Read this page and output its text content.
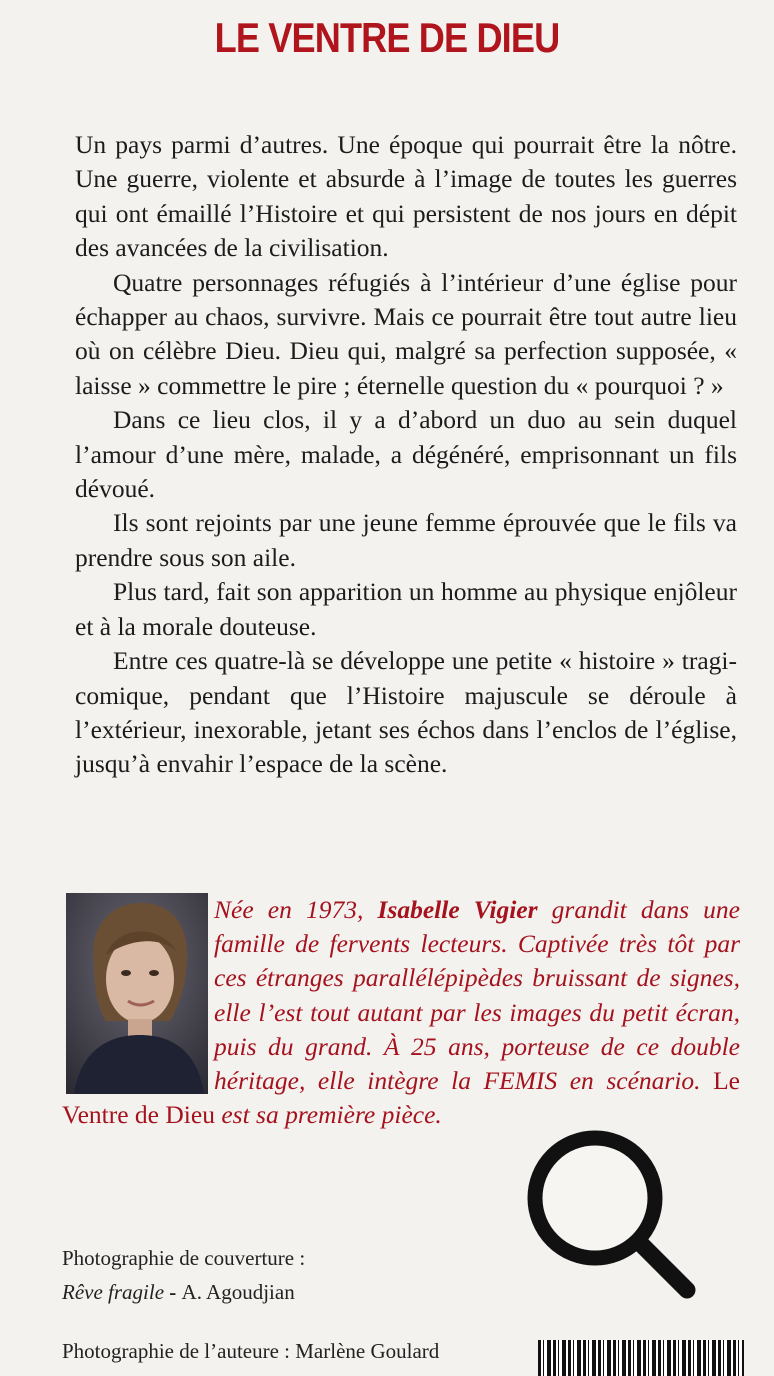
LE VENTRE DE DIEU

Un pays parmi d’autres. Une époque qui pourrait être la nôtre. Une guerre, violente et absurde à l’image de toutes les guerres qui ont émaillé l’Histoire et qui persistent de nos jours en dépit des avancées de la civilisation.

Quatre personnages réfugiés à l’intérieur d’une église pour échapper au chaos, survivre. Mais ce pourrait être tout autre lieu où on célèbre Dieu. Dieu qui, malgré sa perfection supposée, « laisse » commettre le pire ; éternelle question du « pourquoi ? »

Dans ce lieu clos, il y a d’abord un duo au sein duquel l’amour d’une mère, malade, a dégénéré, emprisonnant un fils dévoué.

Ils sont rejoints par une jeune femme éprouvée que le fils va prendre sous son aile.

Plus tard, fait son apparition un homme au physique enjôleur et à la morale douteuse.

Entre ces quatre-là se développe une petite « histoire » tragi-comique, pendant que l’Histoire majuscule se déroule à l’extérieur, inexorable, jetant ses échos dans l’enclos de l’église, jusqu’à envahir l’espace de la scène.

Née en 1973, Isabelle Vigier grandit dans une famille de fervents lecteurs. Captivée très tôt par ces étranges parallélépipèdes bruissant de signes, elle l’est tout autant par les images du petit écran, puis du grand. À 25 ans, porteuse de ce double héritage, elle intègre la FEMIS en scénario. Le Ventre de Dieu est sa première pièce.
Photographie de couverture :
Rêve fragile - A. Agoudjian
Photographie de l’auteure : Marlène Goulard
